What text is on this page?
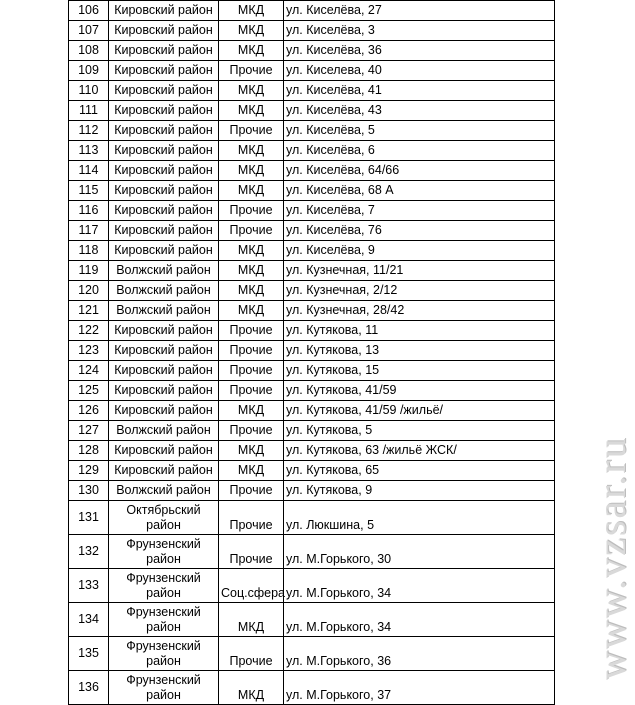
106	Кировский район	МКД	ул. Киселёва, 27
107	Кировский район	МКД	ул. Киселёва, 3
108	Кировский район	МКД	ул. Киселёва, 36
109	Кировский район	Прочие	ул. Киселева, 40
110	Кировский район	МКД	ул. Киселёва, 41
111	Кировский район	МКД	ул. Киселёва, 43
112	Кировский район	Прочие	ул. Киселёва, 5
113	Кировский район	МКД	ул. Киселёва, 6
114	Кировский район	МКД	ул. Киселёва, 64/66
115	Кировский район	МКД	ул. Киселёва, 68 А
116	Кировский район	Прочие	ул. Киселёва, 7
117	Кировский район	Прочие	ул. Киселёва, 76
118	Кировский район	МКД	ул. Киселёва, 9
119	Волжский район	МКД	ул. Кузнечная, 11/21
120	Волжский район	МКД	ул. Кузнечная, 2/12
121	Волжский район	МКД	ул. Кузнечная, 28/42
122	Кировский район	Прочие	ул. Кутякова, 11
123	Кировский район	Прочие	ул. Кутякова, 13
124	Кировский район	Прочие	ул. Кутякова, 15
125	Кировский район	Прочие	ул. Кутякова, 41/59
126	Кировский район	МКД	ул. Кутякова, 41/59 /жильё/
127	Волжский район	Прочие	ул. Кутякова, 5
128	Кировский район	МКД	ул. Кутякова, 63 /жильё ЖСК/
129	Кировский район	МКД	ул. Кутякова, 65
130	Волжский район	Прочие	ул. Кутякова, 9
131	Октябрьский район	Прочие	ул. Люкшина, 5
132	Фрунзенский район	Прочие	ул. М.Горького, 30
133	Фрунзенский район	Соц.сфера	ул. М.Горького, 34
134	Фрунзенский район	МКД	ул. М.Горького, 34
135	Фрунзенский район	Прочие	ул. М.Горького, 36
136	Фрунзенский район	МКД	ул. М.Горького, 37
www.vzsar.ru
